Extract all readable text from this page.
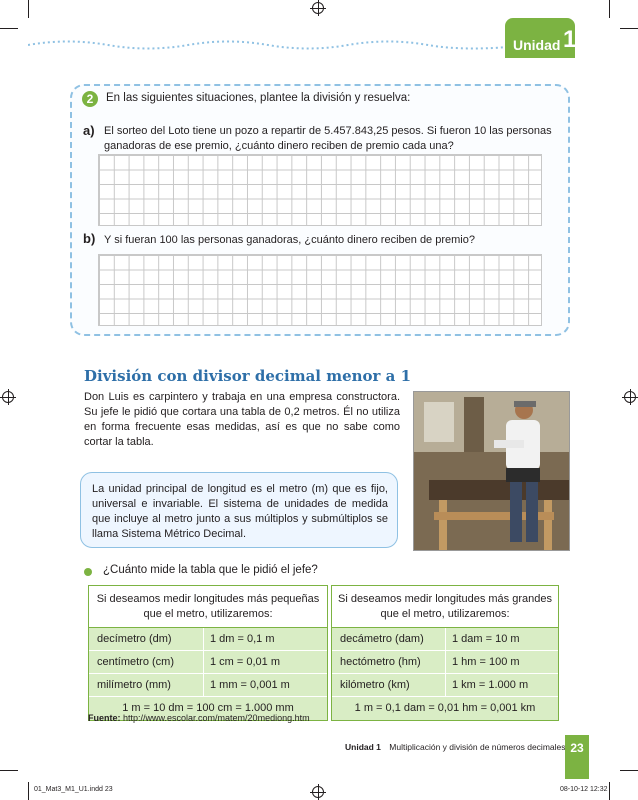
Unidad 1
2	En las siguientes situaciones, plantee la división y resuelva:
a) El sorteo del Loto tiene un pozo a repartir de 5.457.843,25 pesos. Si fueron 10 las personas ganadoras de ese premio, ¿cuánto dinero reciben de premio cada una?
b) Y si fueran 100 las personas ganadoras, ¿cuánto dinero reciben de premio?
División con divisor decimal menor a 1
Don Luis es carpintero y trabaja en una empresa constructora. Su jefe le pidió que cortara una tabla de 0,2 metros. Él no utiliza en forma frecuente esas medidas, así es que no sabe como cortar la tabla.
La unidad principal de longitud es el metro (m) que es fijo, universal e invariable. El sistema de unidades de medida que incluye al metro junto a sus múltiplos y submúltiplos se llama Sistema Métrico Decimal.
¿Cuánto mide la tabla que le pidió el jefe?
Si deseamos medir longitudes más pequeñas que el metro, utilizaremos:
decímetro (dm)	1 dm = 0,1 m
centímetro (cm)	1 cm = 0,01 m
milímetro (mm)	1 mm = 0,001 m
1 m = 10 dm = 100 cm = 1.000 mm
Si deseamos medir longitudes más grandes que el metro, utilizaremos:
decámetro (dam)	1 dam = 10 m
hectómetro (hm)	1 hm = 100 m
kilómetro (km)	1 km = 1.000 m
1 m = 0,1 dam = 0,01 hm = 0,001 km
Fuente: http://www.escolar.com/matem/20mediong.htm
Unidad 1 Multiplicación y división de números decimales 23
01_Mat3_M1_U1.indd 23	08-10-12 12:32
